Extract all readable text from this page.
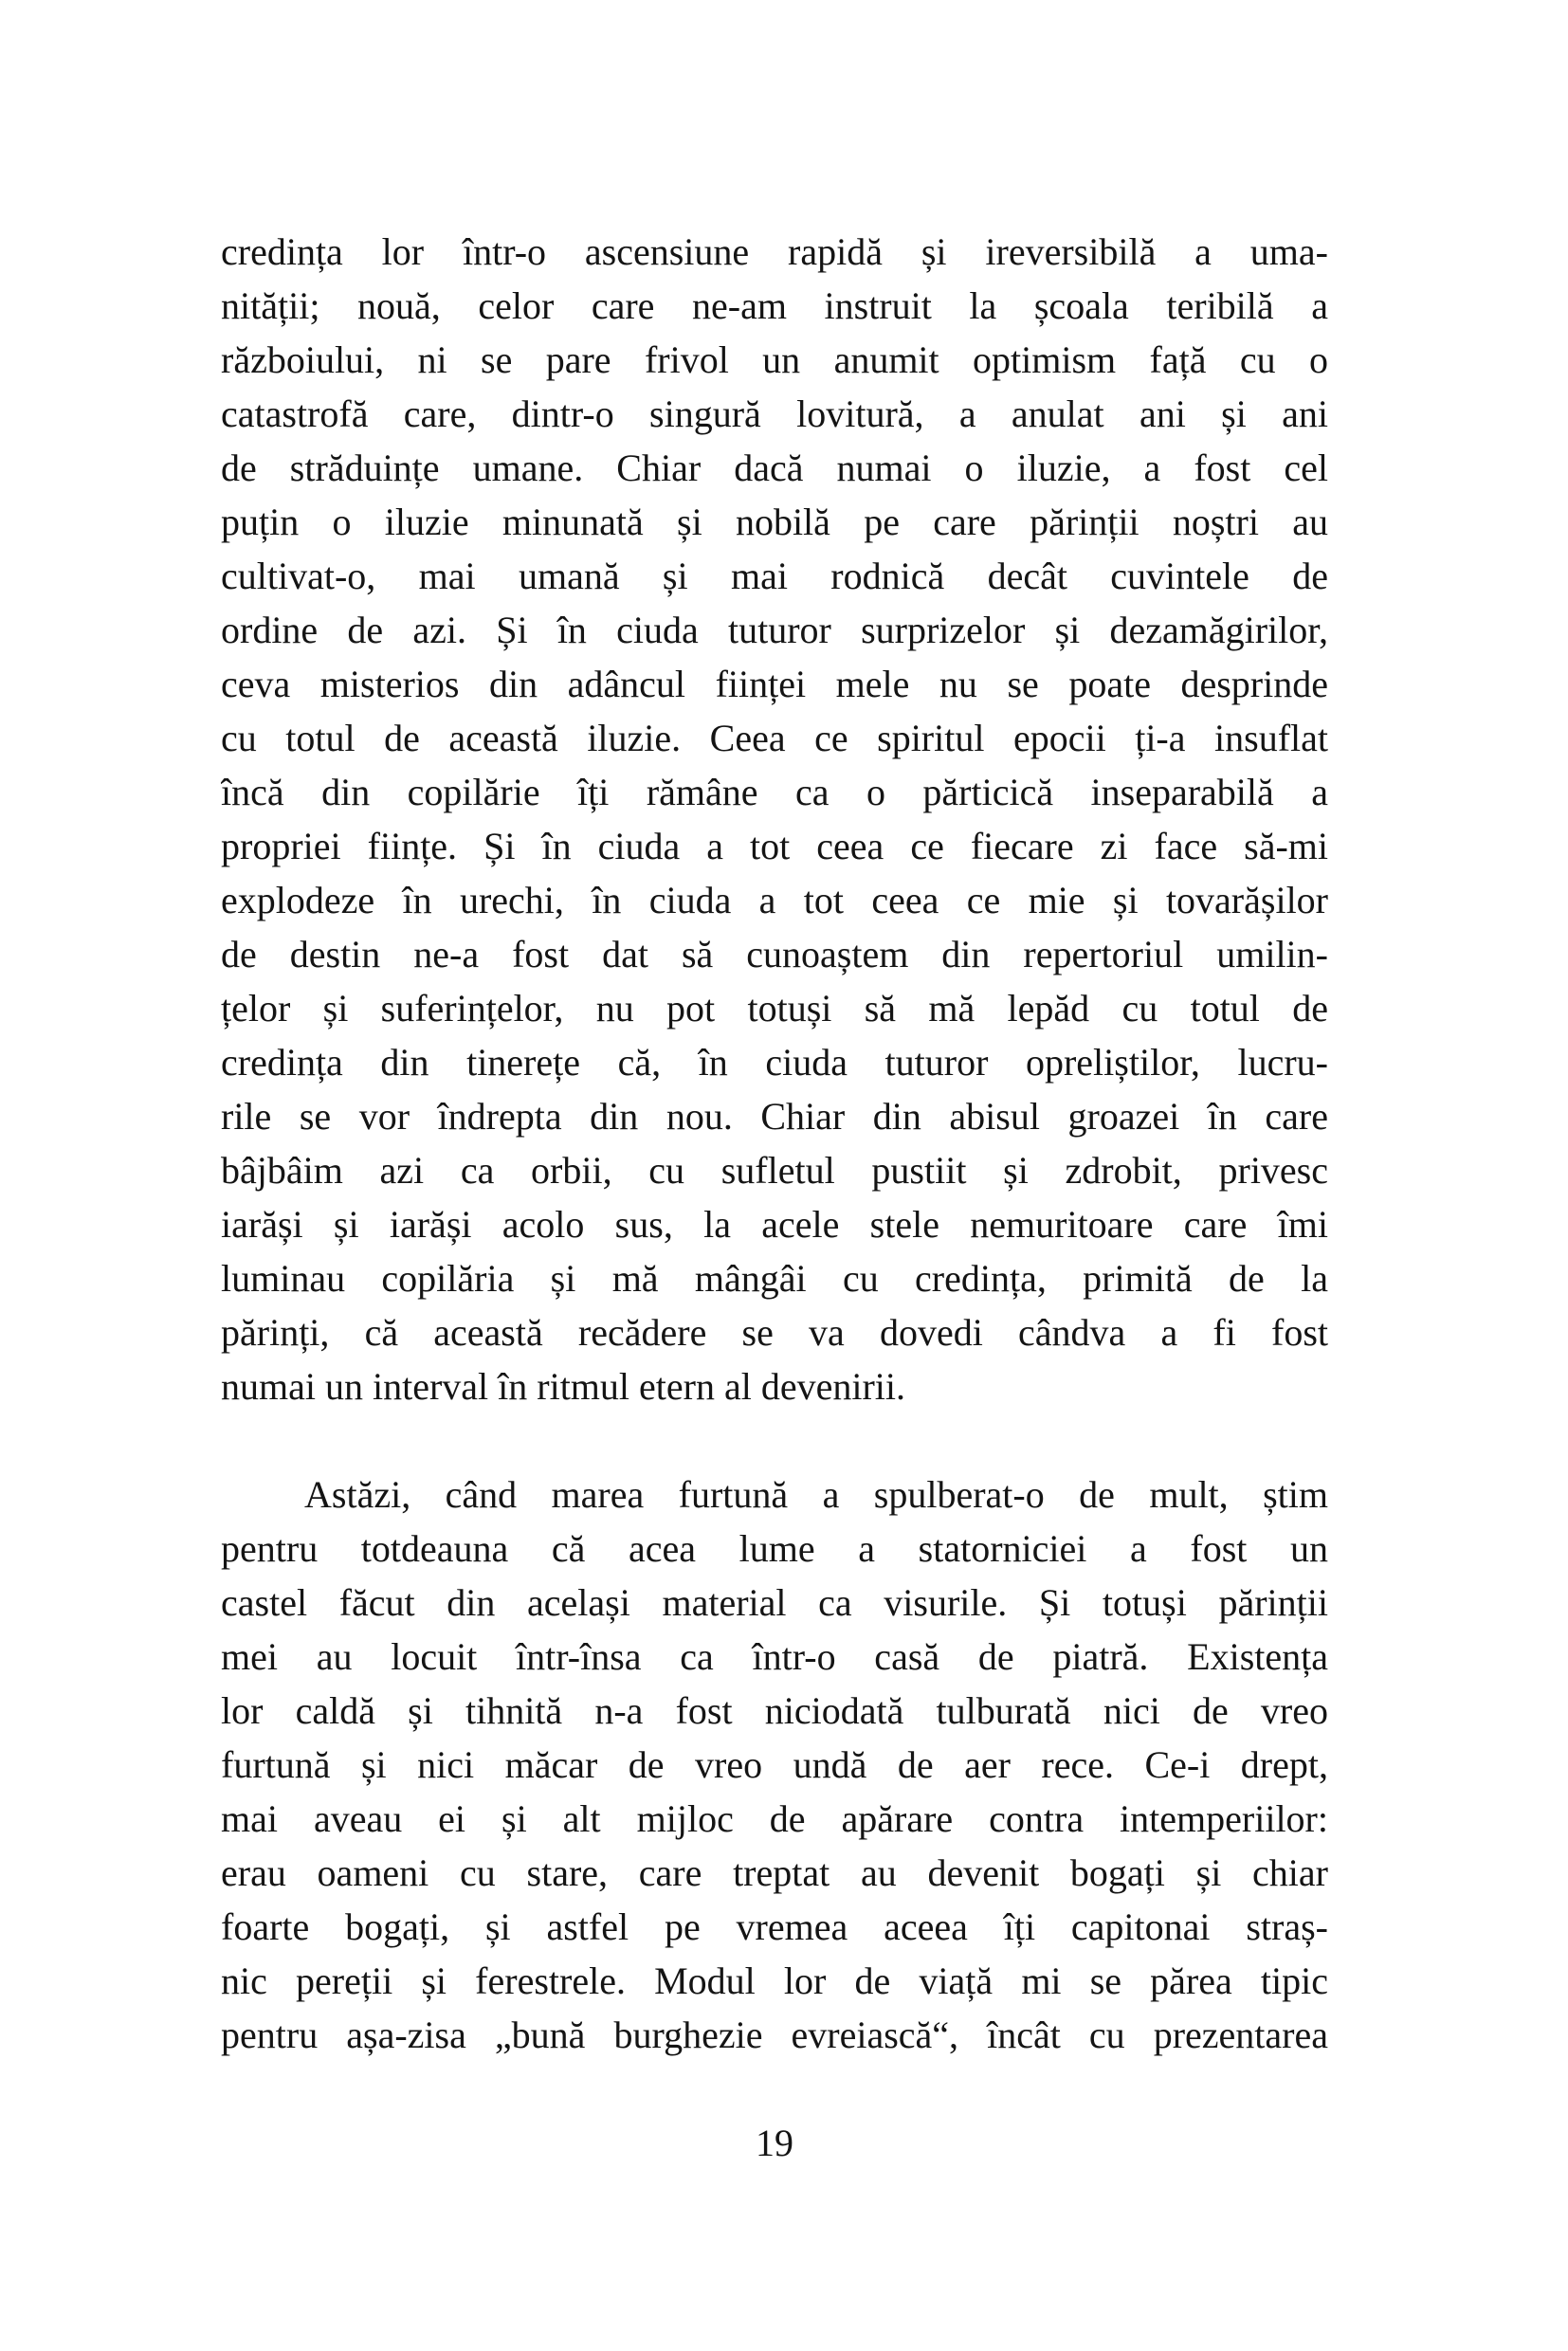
credința lor într-o ascensiune rapidă și ireversibilă a uma-
nității; nouă, celor care ne-am instruit la școala teribilă a
războiului, ni se pare frivol un anumit optimism față cu o
catastrofă care, dintr-o singură lovitură, a anulat ani și ani
de străduințe umane. Chiar dacă numai o iluzie, a fost cel
puțin o iluzie minunată și nobilă pe care părinții noștri au
cultivat-o, mai umană și mai rodnică decât cuvintele de
ordine de azi. Și în ciuda tuturor surprizelor și dezamăgirilor,
ceva misterios din adâncul ființei mele nu se poate desprinde
cu totul de această iluzie. Ceea ce spiritul epocii ți-a insuflat
încă din copilărie îți rămâne ca o părticică inseparabilă a
propriei ființe. Și în ciuda a tot ceea ce fiecare zi face să-mi
explodeze în urechi, în ciuda a tot ceea ce mie și tovarășilor
de destin ne-a fost dat să cunoaștem din repertoriul umilin-
țelor și suferințelor, nu pot totuși să mă lepăd cu totul de
credința din tinerețe că, în ciuda tuturor opreliștilor, lucru-
rile se vor îndrepta din nou. Chiar din abisul groazei în care
bâjbâim azi ca orbii, cu sufletul pustiit și zdrobit, privesc
iarăși și iarăși acolo sus, la acele stele nemuritoare care îmi
luminau copilăria și mă mângâi cu credința, primită de la
părinți, că această recădere se va dovedi cândva a fi fost
numai un interval în ritmul etern al devenirii.
Astăzi, când marea furtună a spulberat-o de mult, știm
pentru totdeauna că acea lume a statorniciei a fost un
castel făcut din același material ca visurile. Și totuși părinții
mei au locuit într-însa ca într-o casă de piatră. Existența
lor caldă și tihnită n-a fost niciodată tulburată nici de vreo
furtună și nici măcar de vreo undă de aer rece. Ce-i drept,
mai aveau ei și alt mijloc de apărare contra intemperiilor:
erau oameni cu stare, care treptat au devenit bogați și chiar
foarte bogați, și astfel pe vremea aceea îți capitonai straș-
nic pereții și ferestrele. Modul lor de viață mi se părea tipic
pentru așa-zisa „bună burghezie evreiască“, încât cu prezentarea
19
